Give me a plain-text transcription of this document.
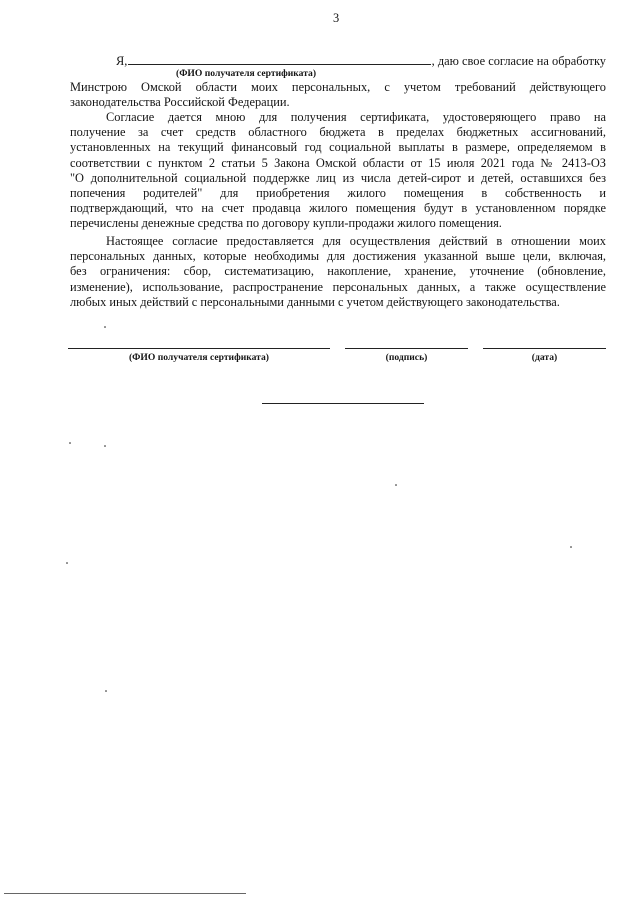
3
Я,	, даю свое согласие на обработку
(ФИО получателя сертификата)
Минстрою Омской области моих персональных, с учетом требований действующего
законодательства Российской Федерации.
Согласие дается мною для получения сертификата, удостоверяющего право на
получение за счет средств областного бюджета в пределах бюджетных ассигнований,
установленных на текущий финансовый год социальной выплаты в размере, определяемом в
соответствии с пунктом 2 статьи 5 Закона Омской области от 15 июля 2021 года № 2413-ОЗ
"О дополнительной социальной поддержке лиц из числа детей-сирот и детей, оставшихся без
попечения родителей" для приобретения жилого помещения в собственность и
подтверждающий, что на счет продавца жилого помещения будут в установленном порядке
перечислены денежные средства по договору купли-продажи жилого помещения.
Настоящее согласие предоставляется для осуществления действий в отношении моих
персональных данных, которые необходимы для достижения указанной выше цели, включая,
без ограничения: сбор, систематизацию, накопление, хранение, уточнение (обновление,
изменение), использование, распространение персональных данных, а также осуществление
любых иных действий с персональными данными с учетом действующего законодательства.
(ФИО получателя сертификата)	(подпись)	(дата)
